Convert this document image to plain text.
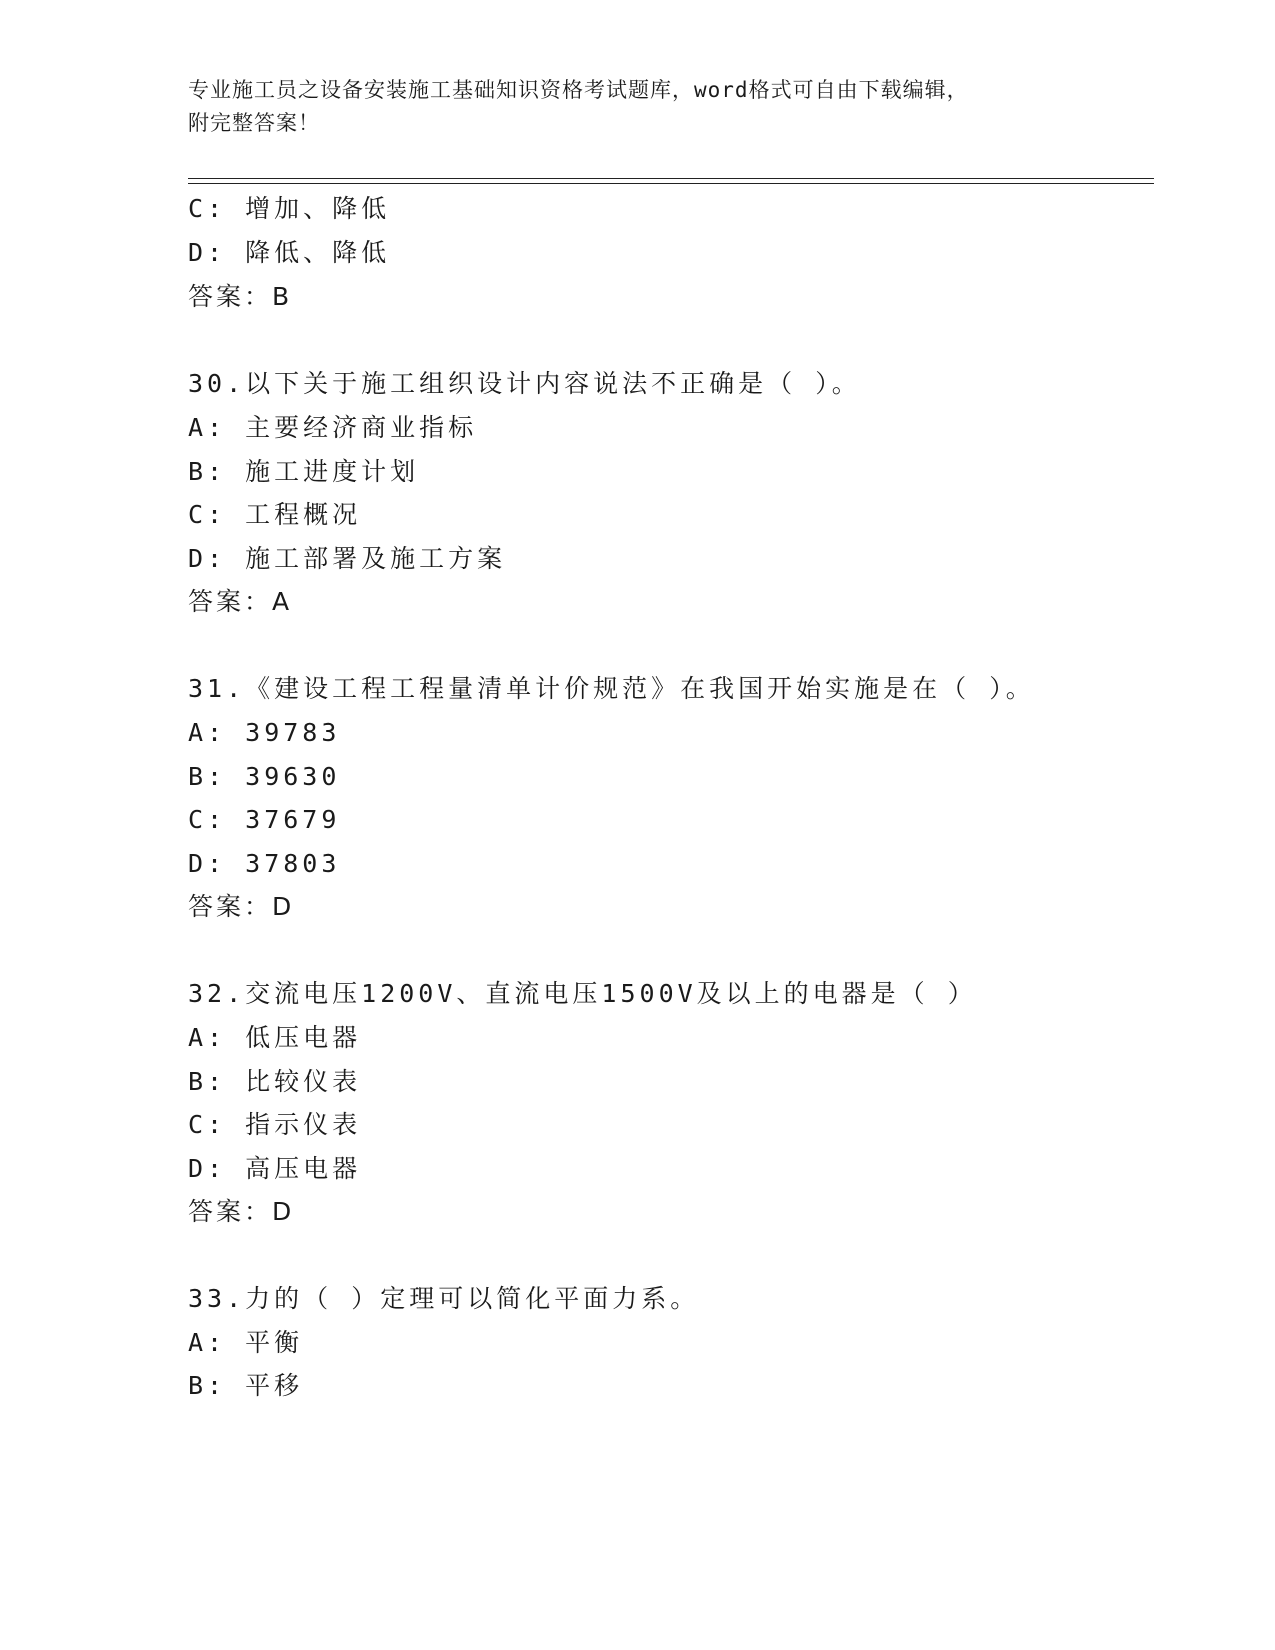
专业施工员之设备安装施工基础知识资格考试题库，word格式可自由下载编辑，
附完整答案！
C: 增加、降低
D: 降低、降低
答案：B
30.以下关于施工组织设计内容说法不正确是（ ）。
A: 主要经济商业指标
B: 施工进度计划
C: 工程概况
D: 施工部署及施工方案
答案：A
31.《建设工程工程量清单计价规范》在我国开始实施是在（ ）。
A: 39783
B: 39630
C: 37679
D: 37803
答案：D
32.交流电压1200V、直流电压1500V及以上的电器是（ ）
A: 低压电器
B: 比较仪表
C: 指示仪表
D: 高压电器
答案：D
33.力的（ ）定理可以简化平面力系。
A: 平衡
B: 平移
